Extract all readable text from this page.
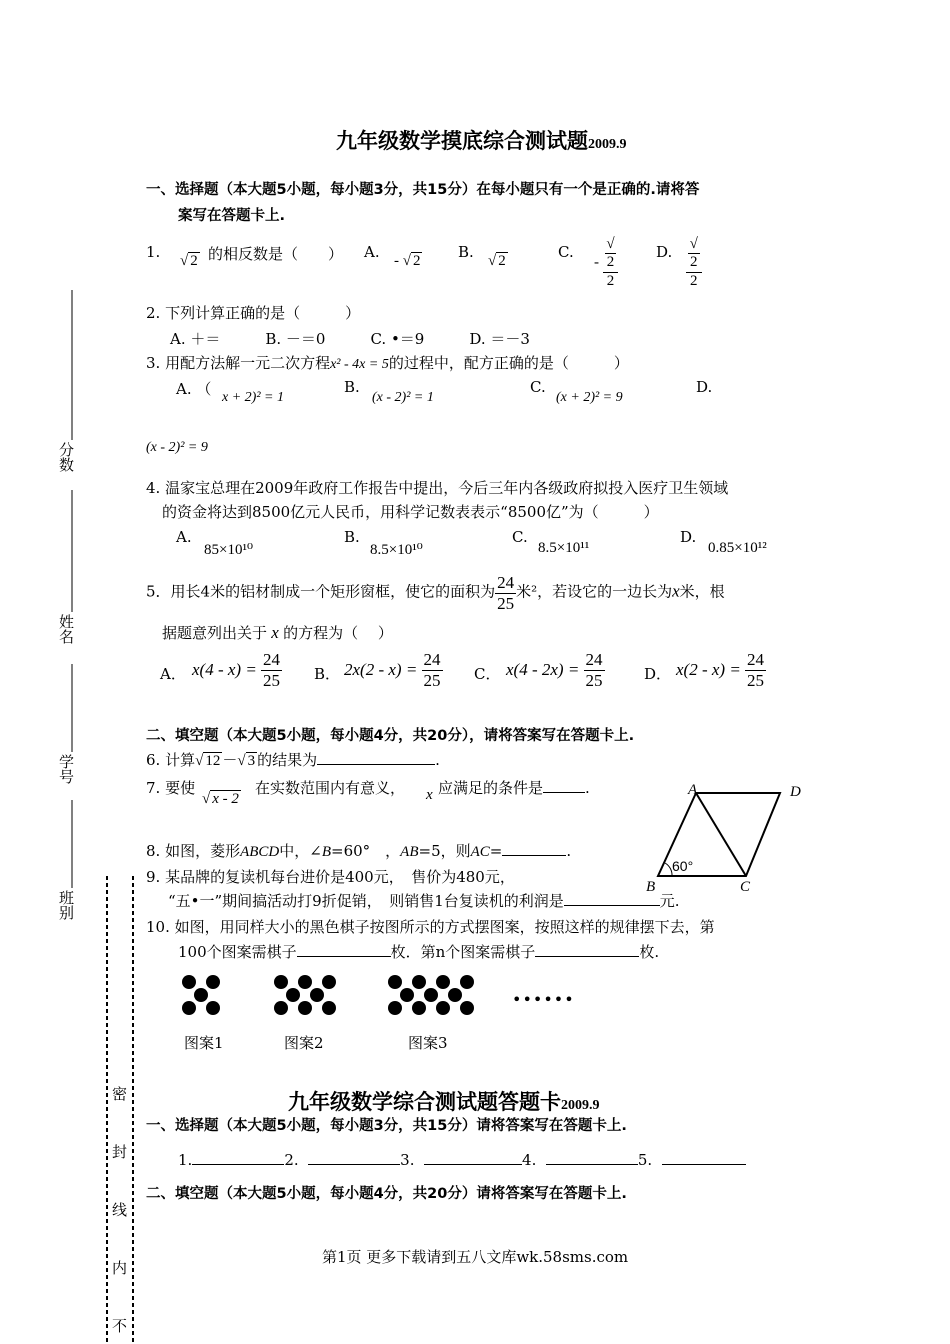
分数
姓名
学号
班别
密
封
线
内
不
九年级数学摸底综合测试题2009.9
一、选择题（本大题5小题，每小题3分，共15分）在每小题只有一个是正确的.请将答
案写在答题卡上.
1. √ 2 的相反数是（　　） A. - √ 2	B. √ 2	C.
- √
2
2	D. √
2
2
2. 下列计算正确的是（　　　）
A. ＋＝　　　B. －＝0　　　C. •＝9　　　D. ＝－3
3. 用配方法解一元二次方程x² - 4x = 5的过程中，配方正确的是（　　　）
A. （ x + 2)² = 1
B.
(x - 2)² = 1
C.
(x + 2)² = 9
D.
(x - 2)² = 9
4. 温家宝总理在2009年政府工作报告中提出，今后三年内各级政府拟投入医疗卫生领域
的资金将达到8500亿元人民币，用科学记数表表示“8500亿”为（　　　）
A.
85×10¹⁰
B.
8.5×10¹⁰
C.
8.5×10¹¹
D.
0.85×10¹²
5．用长4米的铝材制成一个矩形窗框，使它的面积为 $\frac{24}{25}$ 米²，若设它的一边长为x米，根
据题意列出关于 x 的方程为（　 ）
A． $x(4 - x) = \frac{24}{25}$ B． $2x(2 - x) = \frac{24}{25}$ C． $x(4 - 2x) = \frac{24}{25}$	D． $x(2 - x) = \frac{24}{25}$
二、填空题（本大题5小题，每小题4分，共20分），请将答案写在答题卡上.
6. 计算√ 12 －√ 3 的结果为	.
7. 要使
√ x - 2
在实数范围内有意义， x 应满足的条件是	.
8. 如图，菱形ABCD中，∠B=60°　，AB=5，则AC=	.
9. 某品牌的复读机每台进价是400元，　售价为480元，
“五•一”期间搞活动打9折促销，　则销售1台复读机的利润是	元.
A	D
B	C
60°
10. 如图，用同样大小的黑色棋子按图所示的方式摆图案，按照这样的规律摆下去，第
100个图案需棋子	枚．第n个图案需棋子	枚.
••••••
图案1	图案2	图案3
九年级数学综合测试题答题卡2009.9
一、选择题（本大题5小题，每小题3分，共15分）请将答案写在答题卡上.
1.	2.	3.	4.	5.
二、填空题（本大题5小题，每小题4分，共20分）请将答案写在答题卡上.
第1页 更多下载请到五八文库wk.58sms.com
